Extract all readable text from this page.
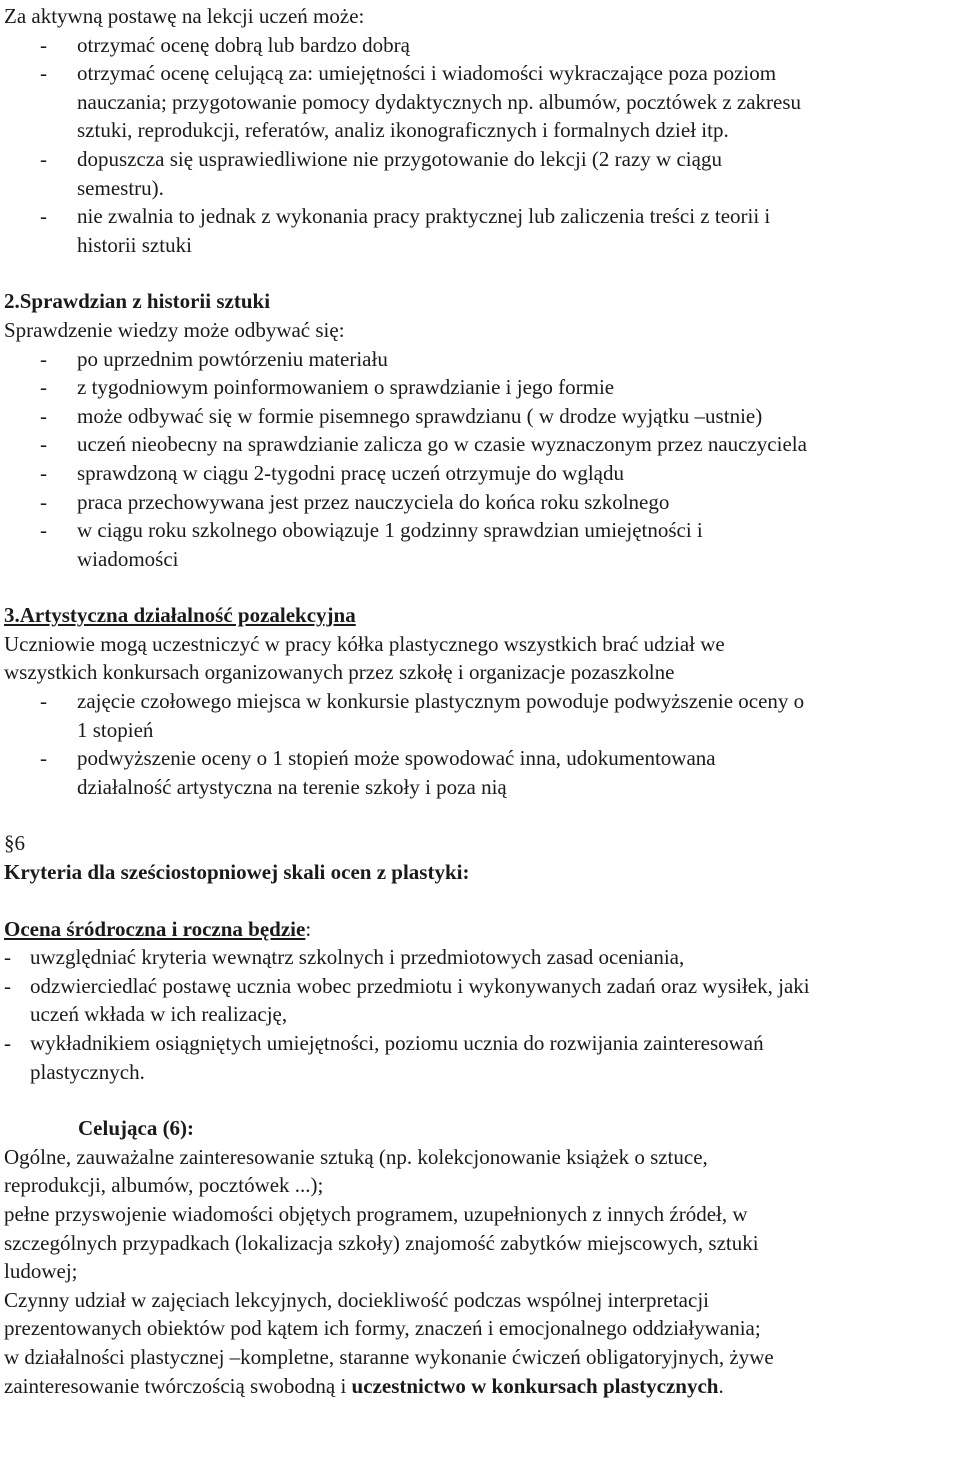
Za aktywną postawę na lekcji uczeń może:
- otrzymać ocenę dobrą lub bardzo dobrą
- otrzymać ocenę celującą za: umiejętności i wiadomości wykraczające poza poziom
nauczania; przygotowanie pomocy dydaktycznych np. albumów, pocztówek z zakresu
sztuki, reprodukcji, referatów, analiz ikonograficznych i formalnych dzieł itp.
- dopuszcza się usprawiedliwione nie przygotowanie do lekcji (2 razy w ciągu
semestru).
- nie zwalnia to jednak z wykonania pracy praktycznej lub zaliczenia treści z teorii i
historii sztuki
2.Sprawdzian z historii sztuki
Sprawdzenie wiedzy może odbywać się:
- po uprzednim powtórzeniu materiału
- z tygodniowym poinformowaniem o sprawdzianie i jego formie
- może odbywać się w formie pisemnego sprawdzianu ( w drodze wyjątku –ustnie)
- uczeń nieobecny na sprawdzianie zalicza go w czasie wyznaczonym przez nauczyciela
- sprawdzoną w ciągu 2-tygodni pracę uczeń otrzymuje do wglądu
- praca przechowywana jest przez nauczyciela do końca roku szkolnego
- w ciągu roku szkolnego obowiązuje 1 godzinny sprawdzian umiejętności i
wiadomości
3.Artystyczna działalność pozalekcyjna
Uczniowie mogą uczestniczyć w pracy kółka plastycznego wszystkich brać udział we
wszystkich konkursach organizowanych przez szkołę i organizacje pozaszkolne
- zajęcie czołowego miejsca w konkursie plastycznym powoduje podwyższenie oceny o
1 stopień
- podwyższenie oceny o 1 stopień może spowodować inna, udokumentowana
działalność artystyczna na terenie szkoły i poza nią
§6
Kryteria dla sześciostopniowej skali ocen z plastyki:
Ocena śródroczna i roczna będzie:
- uwzględniać kryteria wewnątrz szkolnych i przedmiotowych zasad oceniania,
- odzwierciedlać postawę ucznia wobec przedmiotu i wykonywanych zadań oraz wysiłek, jaki
uczeń wkłada w ich realizację,
- wykładnikiem osiągniętych umiejętności, poziomu ucznia do rozwijania zainteresowań
plastycznych.
Celująca (6):
Ogólne, zauważalne zainteresowanie sztuką (np. kolekcjonowanie książek o sztuce,
reprodukcji, albumów, pocztówek ...);
pełne przyswojenie wiadomości objętych programem, uzupełnionych z innych źródeł, w
szczególnych przypadkach (lokalizacja szkoły) znajomość zabytków miejscowych, sztuki
ludowej;
Czynny udział w zajęciach lekcyjnych, dociekliwość podczas wspólnej interpretacji
prezentowanych obiektów pod kątem ich formy, znaczeń i emocjonalnego oddziaływania;
w działalności plastycznej –kompletne, staranne wykonanie ćwiczeń obligatoryjnych, żywe
zainteresowanie twórczością swobodną i uczestnictwo w konkursach plastycznych.
